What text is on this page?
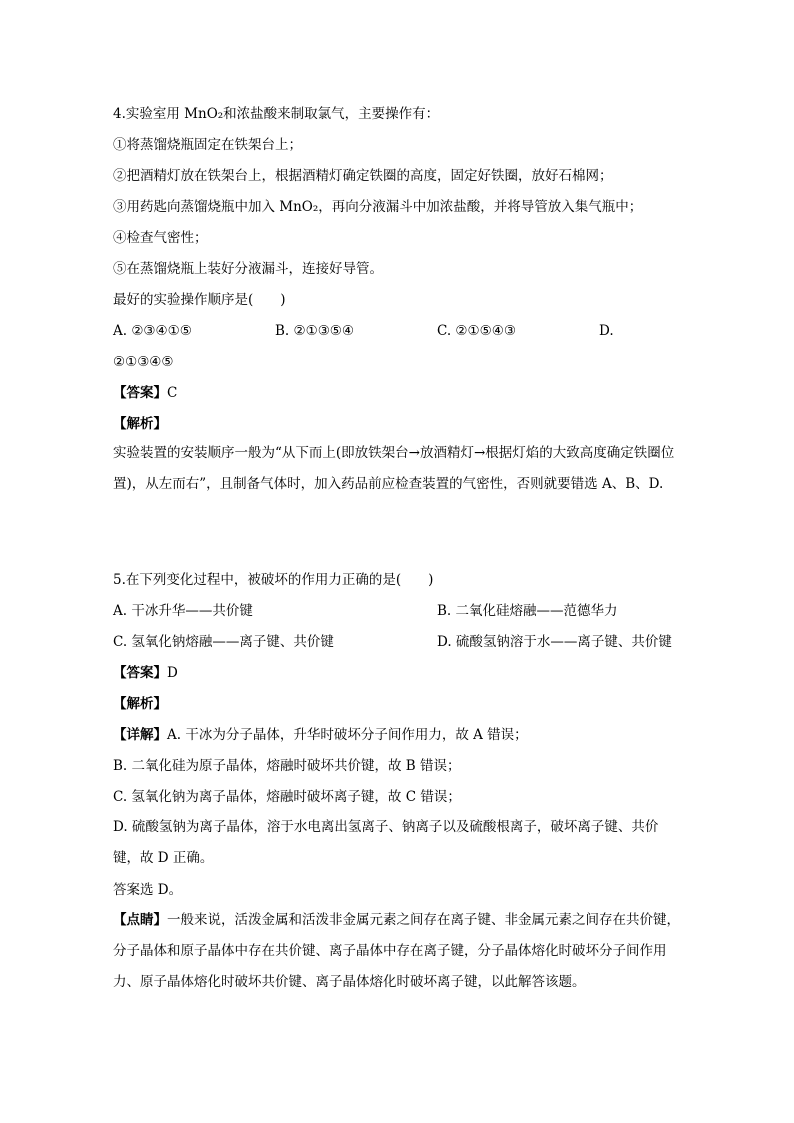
4.实验室用 MnO₂和浓盐酸来制取氯气，主要操作有：
①将蒸馏烧瓶固定在铁架台上；
②把酒精灯放在铁架台上，根据酒精灯确定铁圈的高度，固定好铁圈，放好石棉网；
③用药匙向蒸馏烧瓶中加入 MnO₂，再向分液漏斗中加浓盐酸，并将导管放入集气瓶中；
④检查气密性；
⑤在蒸馏烧瓶上装好分液漏斗，连接好导管。
最好的实验操作顺序是(　　)
A. ②③④①⑤	B. ②①③⑤④	C. ②①⑤④③	D.
②①③④⑤
【答案】C
【解析】
实验装置的安装顺序一般为“从下而上(即放铁架台→放酒精灯→根据灯焰的大致高度确定铁圈位置)，从左而右”，且制备气体时，加入药品前应检查装置的气密性，否则就要错选 A、B、D.
5.在下列变化过程中，被破坏的作用力正确的是(　　)
A. 干冰升华——共价键	B. 二氧化硅熔融——范德华力
C. 氢氧化钠熔融——离子键、共价键	D. 硫酸氢钠溶于水——离子键、共价键
【答案】D
【解析】
【详解】A. 干冰为分子晶体，升华时破坏分子间作用力，故 A 错误；
B. 二氧化硅为原子晶体，熔融时破坏共价键，故 B 错误；
C. 氢氧化钠为离子晶体，熔融时破坏离子键，故 C 错误；
D. 硫酸氢钠为离子晶体，溶于水电离出氢离子、钠离子以及硫酸根离子，破坏离子键、共价键，故 D 正确。
答案选 D。
【点睛】一般来说，活泼金属和活泼非金属元素之间存在离子键、非金属元素之间存在共价键，分子晶体和原子晶体中存在共价键、离子晶体中存在离子键，分子晶体熔化时破坏分子间作用力、原子晶体熔化时破坏共价键、离子晶体熔化时破坏离子键，以此解答该题。
